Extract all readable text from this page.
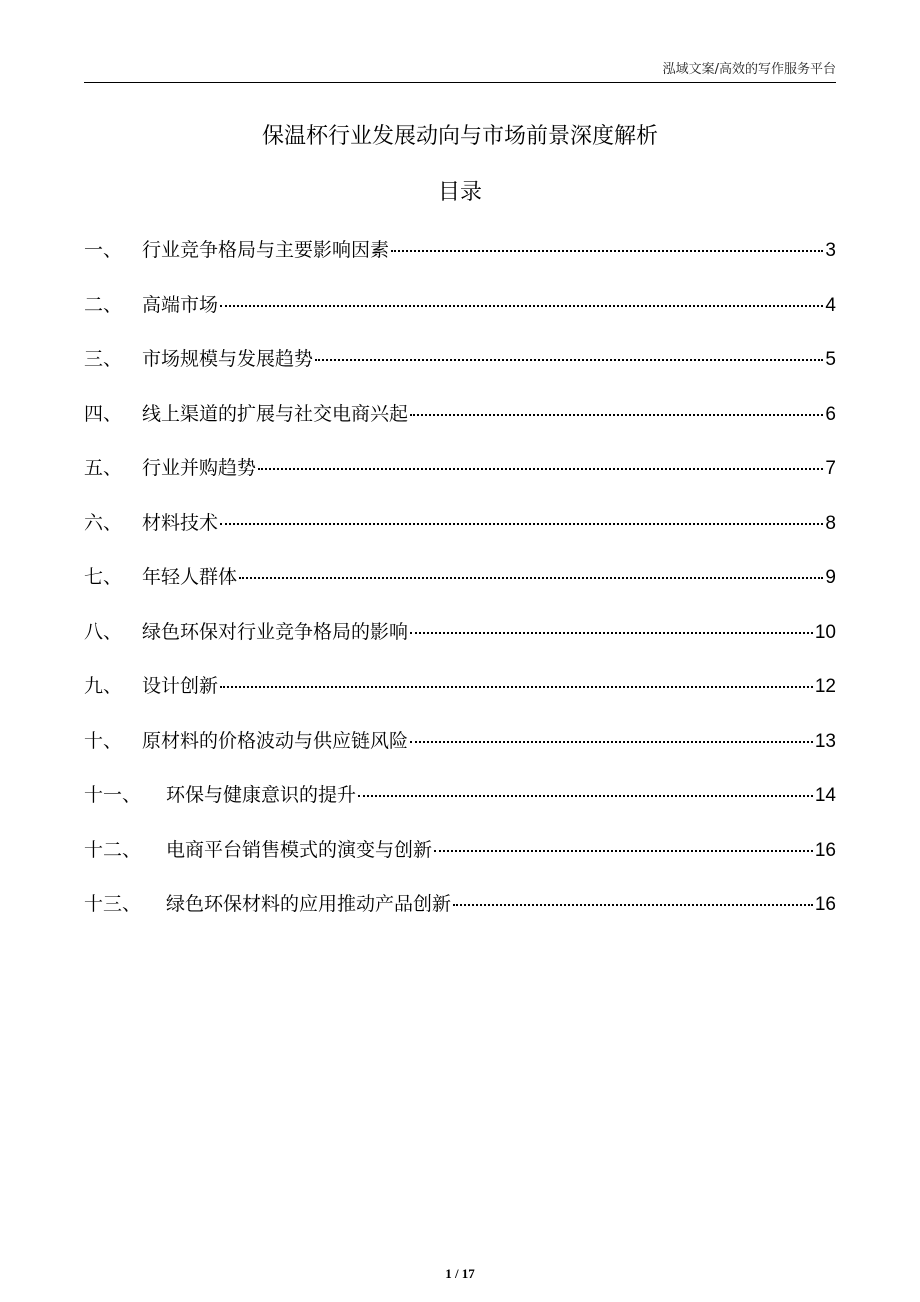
泓域文案/高效的写作服务平台
保温杯行业发展动向与市场前景深度解析
目录
一、	行业竞争格局与主要影响因素	3
二、	高端市场	4
三、	市场规模与发展趋势	5
四、	线上渠道的扩展与社交电商兴起	6
五、	行业并购趋势	7
六、	材料技术	8
七、	年轻人群体	9
八、	绿色环保对行业竞争格局的影响	10
九、	设计创新	12
十、	原材料的价格波动与供应链风险	13
十一、	环保与健康意识的提升	14
十二、	电商平台销售模式的演变与创新	16
十三、	绿色环保材料的应用推动产品创新	16
1 / 17
